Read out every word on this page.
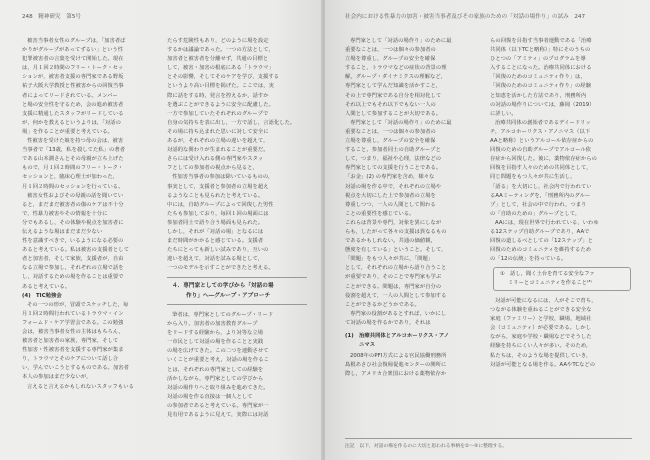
248　精神研究　第5号

被害当事者女性のグループは，「加害者ば

かりがグループがあってずるい」という性

犯罪被害者の言葉を受けて開始した。現在

は，月１回２時間のフリー・トーク・セッ

ションが，被害者支援の専門家である野坂

祐子大阪大学教授と性被害からの回復当事

者によってリードされている。メンバー

と場の安全性を守るため，会の進め被害者

支援に精通したスタッフがリードしている

が，何かを教えるというよりは，「対話の

場」を作ることが重要と考えている。

性被害を受けた娘を持つ母の会は，被害

当事者で「13歳，私を殺してた私」の著者

である山本潤さんとその母親が立ち上げた

もので，月１回２時間のフリー・トーク・

セッションと，臨床心理士が加わった，

月１回２時間のセッションを行っている。

被害女性およびその母親の話を聞いてい

ると，まだまだ被害者の傷のケアは不十分

で，性暴力被害やその情報を十分に

分でもあるし，その体験や視点を加害者に

伝えるような場はまだまだ少ない

性を意識すべきで，いるようになる必要の

あると考えている。私は被害の支援者として

者と加害者，そして家族，支援者が，自由

なる立場で参加し，それぞれの立場で話を

し，対話するための場を作ることは重要で

あると考えている。

(4)　TIC勉強会

その一つの形が，冒頭でスケッチした，毎

月１回２時間行われているトラウマ・イン

フォームド・ケア学習会である。この勉強

会は，被害当事者女性の主体はもちろん，

被害者と加害者の家族，専門家，そして

性加害・性被害者を支援する専門家が集ま

り，トラウマとそのケアについて話し合

い，学んでいこうとするものである。加害者

本人の参加はまだ少ないが，

言えると言えるかもしれないスタッフもいる

たらす危険性もあり，どのように場を設定

するかは議論であった。一つの方法として，

加害者と被害者を分離せず，共通の目標と

して，被害・加害の根底にある「トラウマ」

とその影響，そしてそのケアを学び，支援する

というより高い目標を掲げた。ここでは，実

際に話をする時，発言を控えるか，話すか

を選ぶことができるように安全に配慮した。

一方で参加していたそれぞれのグループで

自身の気持ちを表に出し，一方で話し，言語化した。

その場に持ち込まれた思いに対して安全に

あるが，それぞれの立場の違いを超えて，

対話的な関わりが生まれることが重要だ。

さらには受け入れる側の専門家やスタッ

フとしての参加者の視点から見ると，

性加害当事者の参加は除いているものの，

事実として，支援者と参加者の立場を超え

るようなことも見られたと考えている。

中には，自助グループによって回復した男性

たちも参加しており，毎回１回の場面には

参加者同士で語り合う場面も見られた。

しかし，それが「対話の場」となるには

まだ時間がかかると感じている。支援者

たちにとっても新しい試みであり，互いの

違いを超えて，対話を試みる場として，

一つのモデルを示すことができたと考える。

４．専門家としての学びから「対話の場

作り」へ―グループ・アプローチ

筆者は，専門家としてのグループ・リード

から入り，加害者の加害教育グループ

をリードする経験から，より対等な立場

一市民として対話の場を作ることと実践

の場を広げてきた。この二つを連動させて

いくことが重要と考え，対話の場を作るこ

とは，それぞれの専門家としての経験を

活かしながら，専門家としての学びから

対話の場作りへと取り組みを進めてきた。

対話の場を作る直接は一個人として

の参加者であると考えている。専門家が一

見有用であるように見えて，実際には対話

社会内における性暴力の加害・被害当事者及びその家族のための「対話の場作り」の試み　247

専門家として「対話の場作り」のために最

重要なことは，一つは個々の参加者の

立場を尊重し，グループの安全を確保

すること，トラウマなどの症状の背景の理

解，グループ・ダイナミクスの理解など，

専門家として学んだ知識を活かすこと，

その上で専門家である自分を相対化して

それ以上でもそれ以下でもない一人の

人間として参加することが大切である。

専門家として「対話の場作り」のために最

重要なことは，一つは個々の参加者の

立場を尊重し，グループの安全を確保

すること，参加者同士の自助グループと

して，つまり，福祉や心理，法律などの

専門家としての支援を行うことである。

「お金」(2) の専門家を含め，様々な

対話の場を作る中で，それぞれの立場や

視点を大切にした上で参加者の立場を

尊重しつつ，一人の人間として関わる

ことの重要性を感じている。

これらは背景や専門，対象を異にしなが

らも，したがって各々の支援は異なるもの

であるかもしれない。共通の価値観，

態度を有している」ということ。そして，

「問題」をもつ人々が共に，「問題」

として，それぞれの立場から語り合うこと

が重要であり，そのことで専門家も学ぶ

ことができる。問題は，専門家が自分の

役割を超えて，一人の人間として参加する

ことができるかどうかである。

専門家の役割があるとすれば，いかにし

て対話の場を作るかであり，それは

(1)　治療共同体とアルコホーリクス・アノ

ニマス

2008年のPFI方式による官民協働刑務所

島根あさひ社会復帰促進センターの開所に

際し，アメリカ合衆国における薬物依存か

らの回復を目指す当事者運動である「治療

共同体（以下TCと略称）」特にそのうちの

ひとつの「アミティ」のプログラムを導

入することになった。治療共同体における

「回復のためのコミュニティ作り」は，

「回復のためのコミュニティ作り」の経験

と知恵を活かした方法であり，刑務所内

の対話の場作りについては，藤岡（2019）

に詳しい。

治療共同体の創始者であるデイードリッ

チ，アルコホーリクス・アノニマス（以下

AAと略称）というアルコール依存症からの

回復のための自助グループでアルコール依

存症から回復した。後に，薬物依存症からの

回復を目指す人々のための共同体として，

同じ問題をもつ人々が共に生活し，

「語る」を大切にし，社会内で行われてい

るAAミーティングを，「刑務所内のグルー

プ」として，社会の中で行われ，つまり

の「自助のための」グループとして，

AAには，現在世界で行われている，いわゆ

る12ステップ自助グループであり，AAで

回復の道しるべとしての「12ステップ」と

回復のためのコミュニティを維持するため

の「12の伝統」を持っている。

①　話し，聞く土台を育てる安全なファ

ミリーとコミュニティを作ること⁽³⁾

対話が可能になるには，人がそこで育ち，

つながる体験を重ねることができる安全な

家庭（ファミリー）と学校，職場，地域社

会（コミュニティ）が必要である。しかし

ながら，家庭や学校・職場などでそうした

経験を持ちにくい人々が多い。そのため，

私たちは，そのような場を提供していき，

対話が可能となる場を作る。AAやTCなどの

注記　以下，対話の場を作るのに大切と思われる事柄を①～⑤に整理する。
